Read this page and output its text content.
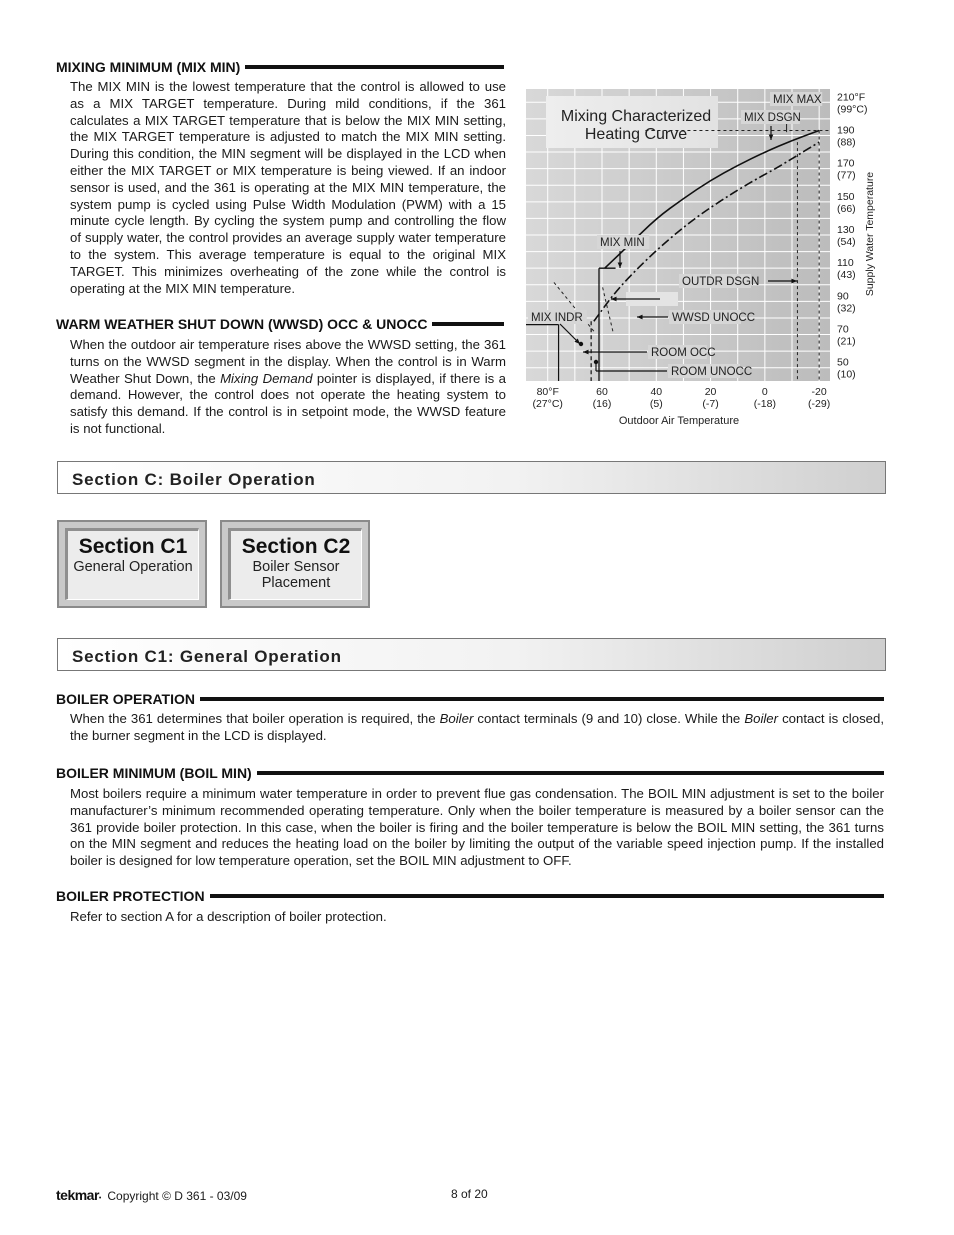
MIXING MINIMUM (MIX MIN)
The MIX MIN is the lowest temperature that the control is allowed to use as a MIX TARGET temperature. During mild conditions, if the 361 calculates a MIX TARGET temperature that is below the MIX MIN setting, the MIX TARGET temperature is adjusted to match the MIX MIN setting. During this condition, the MIN segment will be displayed in the LCD when either the MIX TARGET or MIX temperature is being viewed. If an indoor sensor is used, and the 361 is operating at the MIX MIN temperature, the system pump is cycled using Pulse Width Modulation (PWM) with a 15 minute cycle length. By cycling the system pump and controlling the flow of supply water, the control provides an average supply water temperature to the system. This average temperature is equal to the original MIX TARGET. This minimizes overheating of the zone while the control is operating at the MIX MIN temperature.
WARM WEATHER SHUT DOWN (WWSD) OCC & UNOCC
When the outdoor air temperature rises above the WWSD setting, the 361 turns on the WWSD segment in the display. When the control is in Warm Weather Shut Down, the Mixing Demand pointer is displayed, if there is a demand. However, the control does not operate the heating system to satisfy this demand. If the control is in setpoint mode, the WWSD feature is not functional.
Mixing Characterized
Heating Curve
MIX MAX
MIX DSGN
MIX MIN
OUTDR DSGN
MIX INDR	WWSD UNOCC
ROOM OCC
ROOM UNOCC
80°F
(27°C)
60
(16)
40
(5)
20
(-7)
0
(-18)
-20
(-29)
210°F
(99°C)
190
(88)
170
(77)
150
(66)
130
(54)
110
(43)
90
(32)
70
(21)
50
(10)
Outdoor Air Temperature
Supply Water Temperature
Section C: Boiler Operation
Section C1
General Operation
Section C2
Boiler Sensor
Placement
Section C1: General Operation
BOILER OPERATION
When the 361 determines that boiler operation is required, the Boiler contact terminals (9 and 10) close. While the Boiler contact is closed, the burner segment in the LCD is displayed.
BOILER MINIMUM (BOIL MIN)
Most boilers require a minimum water temperature in order to prevent flue gas condensation. The BOIL MIN adjustment is set to the boiler manufacturer’s minimum recommended operating temperature. Only when the boiler temperature is measured by a boiler sensor can the 361 provide boiler protection. In this case, when the boiler is firing and the boiler temperature is below the BOIL MIN setting, the 361 turns on the MIN segment and reduces the heating load on the boiler by limiting the output of the variable speed injection pump. If the installed boiler is designed for low temperature operation, set the BOIL MIN adjustment to OFF.
BOILER PROTECTION
Refer to section A for a description of boiler protection.
tekmar • Copyright © D 361 - 03/09	8 of 20
